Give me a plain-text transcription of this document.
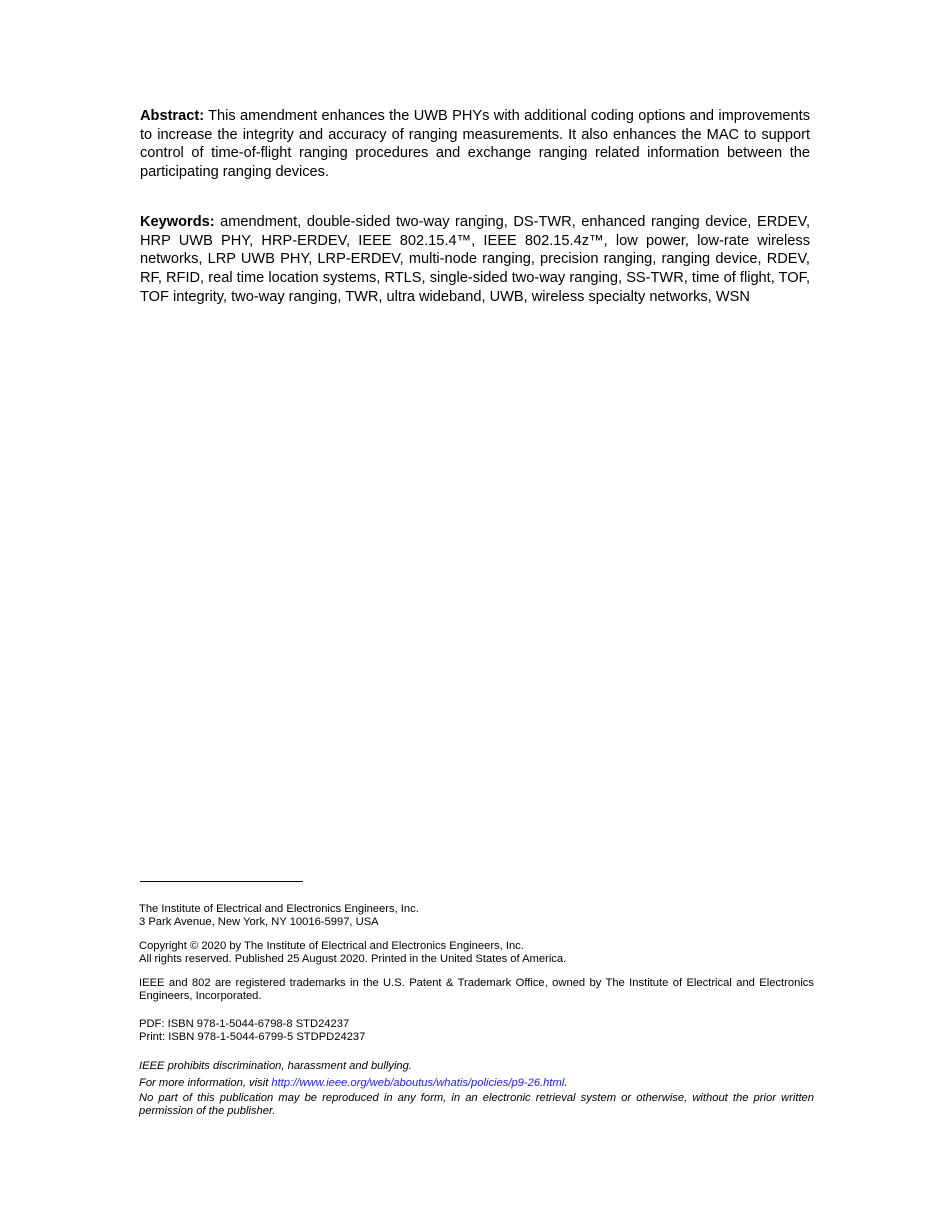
Abstract: This amendment enhances the UWB PHYs with additional coding options and improvements to increase the integrity and accuracy of ranging measurements. It also enhances the MAC to support control of time-of-flight ranging procedures and exchange ranging related information between the participating ranging devices.

Keywords: amendment, double-sided two-way ranging, DS-TWR, enhanced ranging device, ERDEV, HRP UWB PHY, HRP-ERDEV, IEEE 802.15.4™, IEEE 802.15.4z™, low power, low-rate wireless networks, LRP UWB PHY, LRP-ERDEV, multi-node ranging, precision ranging, ranging device, RDEV, RF, RFID, real time location systems, RTLS, single-sided two-way ranging, SS-TWR, time of flight, TOF, TOF integrity, two-way ranging, TWR, ultra wideband, UWB, wireless specialty networks, WSN

The Institute of Electrical and Electronics Engineers, Inc.

3 Park Avenue, New York, NY 10016-5997, USA

Copyright © 2020 by The Institute of Electrical and Electronics Engineers, Inc.

All rights reserved. Published 25 August 2020. Printed in the United States of America.

IEEE and 802 are registered trademarks in the U.S. Patent & Trademark Office, owned by The Institute of Electrical and Electronics Engineers, Incorporated.

PDF: ISBN 978-1-5044-6798-8 STD24237

Print: ISBN 978-1-5044-6799-5 STDPD24237

IEEE prohibits discrimination, harassment and bullying.

For more information, visit http://www.ieee.org/web/aboutus/whatis/policies/p9-26.html.

No part of this publication may be reproduced in any form, in an electronic retrieval system or otherwise, without the prior written permission of the publisher.
